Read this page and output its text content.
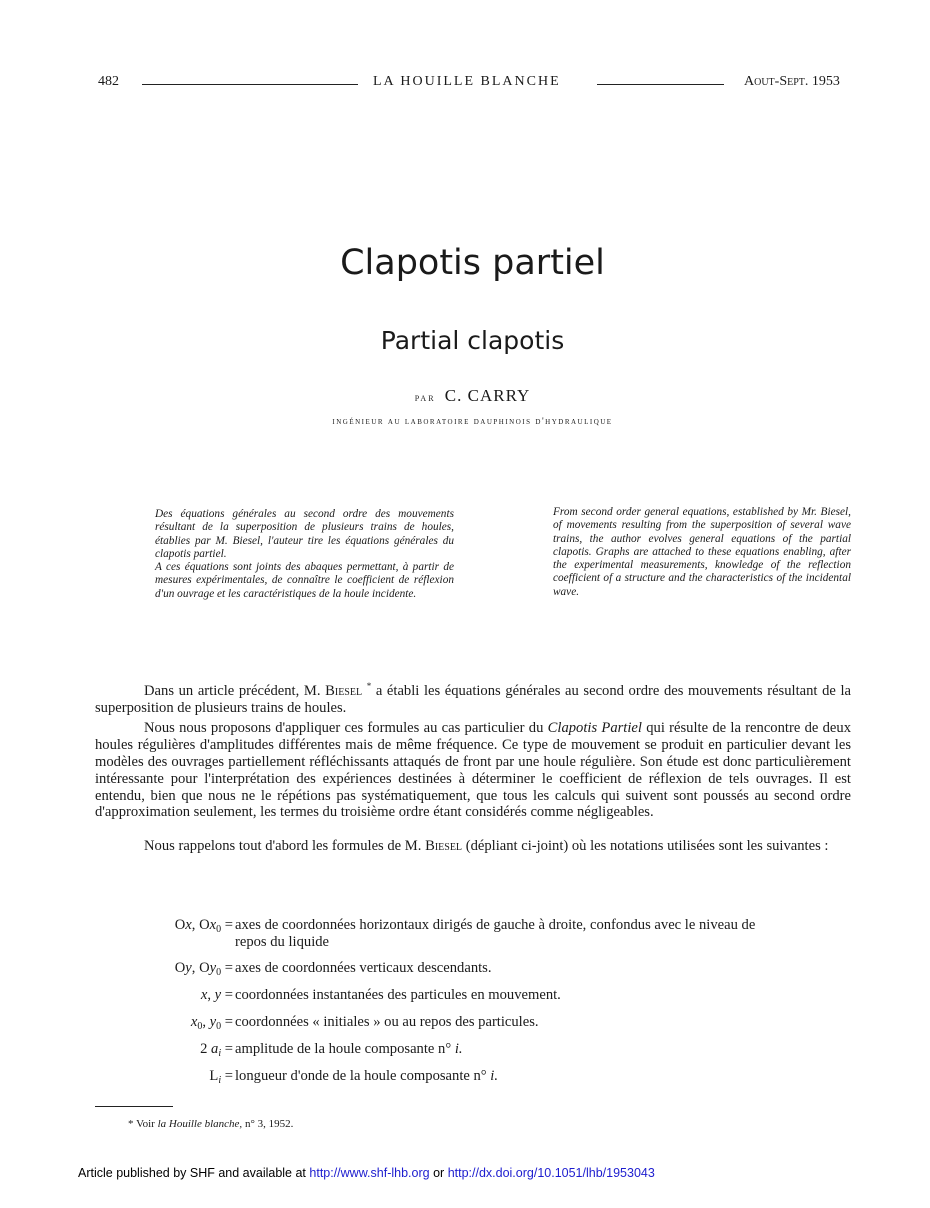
482	LA HOUILLE BLANCHE	Aout-Sept. 1953
Clapotis partiel
Partial clapotis
par C. CARRY
ingénieur au laboratoire dauphinois d'hydraulique

Des équations générales au second ordre des mouvements résultant de la superposition de plusieurs trains de houles, établies par M. Biesel, l'auteur tire les équations générales du clapotis partiel.

A ces équations sont joints des abaques permettant, à partir de mesures expérimentales, de connaître le coefficient de réflexion d'un ouvrage et les caractéristiques de la houle incidente.

From second order general equations, established by Mr. Biesel, of movements resulting from the superposition of several wave trains, the author evolves general equations of the partial clapotis. Graphs are attached to these equations enabling, after the experimental measurements, knowledge of the reflection coefficient of a structure and the characteristics of the incidental wave.

Dans un article précédent, M. Biesel * a établi les équations générales au second ordre des mouvements résultant de la superposition de plusieurs trains de houles.

Nous nous proposons d'appliquer ces formules au cas particulier du Clapotis Partiel qui résulte de la rencontre de deux houles régulières d'amplitudes différentes mais de même fréquence. Ce type de mouvement se produit en particulier devant les modèles des ouvrages partiellement réfléchissants attaqués de front par une houle régulière. Son étude est donc particulièrement intéressante pour l'interprétation des expériences destinées à déterminer le coefficient de réflexion de tels ouvrages. Il est entendu, bien que nous ne le répétions pas systématiquement, que tous les calculs qui suivent sont poussés au second ordre d'approximation seulement, les termes du troisième ordre étant considérés comme négligeables.

Nous rappelons tout d'abord les formules de M. Biesel (dépliant ci-joint) où les notations utilisées sont les suivantes :

Ox, $Ox_0$ = axes de coordonnées horizontaux dirigés de gauche à droite, confondus avec le niveau de repos du liquide
Oy, $Oy_0$ = axes de coordonnées verticaux descendants.
x, y = coordonnées instantanées des particules en mouvement.
$x_0$, $y_0$ = coordonnées « initiales » ou au repos des particules.
2 $a_i$ = amplitude de la houle composante n° i.
$L_i$ = longueur d'onde de la houle composante n° i.
* Voir la Houille blanche, n° 3, 1952.
Article published by SHF and available at http://www.shf-lhb.org or http://dx.doi.org/10.1051/lhb/1953043
